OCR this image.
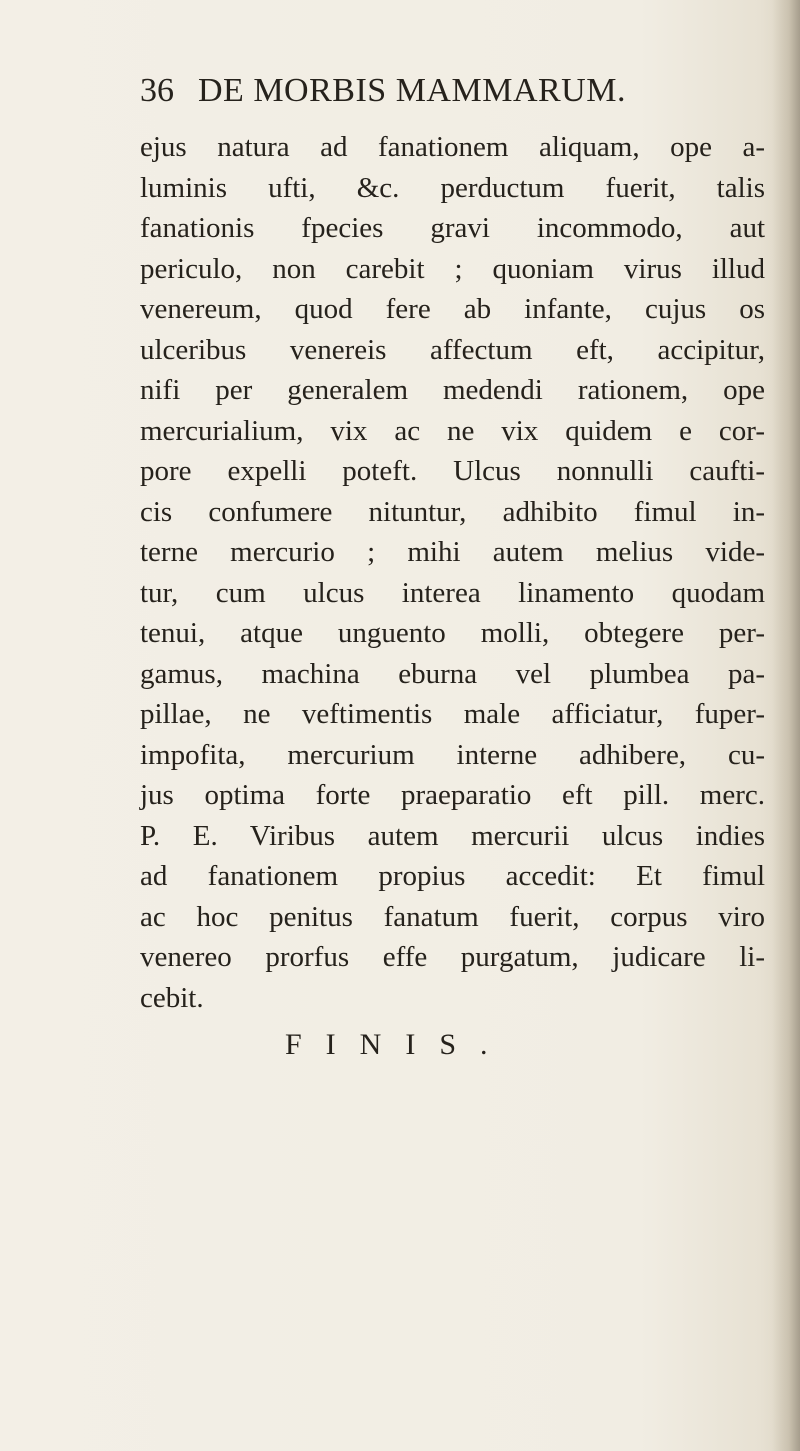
36 DE MORBIS MAMMARUM.
ejus natura ad fanationem aliquam, ope a-
luminis ufti, &c. perductum fuerit, talis
fanationis fpecies gravi incommodo, aut
periculo, non carebit ; quoniam virus illud
venereum, quod fere ab infante, cujus os
ulceribus venereis affectum eft, accipitur,
nifi per generalem medendi rationem, ope
mercurialium, vix ac ne vix quidem e cor-
pore expelli poteft. Ulcus nonnulli caufti-
cis confumere nituntur, adhibito fimul in-
terne mercurio ; mihi autem melius vide-
tur, cum ulcus interea linamento quodam
tenui, atque unguento molli, obtegere per-
gamus, machina eburna vel plumbea pa-
pillae, ne veftimentis male afficiatur, fuper-
impofita, mercurium interne adhibere, cu-
jus optima forte praeparatio eft pill. merc.
P. E. Viribus autem mercurii ulcus indies
ad fanationem propius accedit: Et fimul
ac hoc penitus fanatum fuerit, corpus viro
venereo prorfus effe purgatum, judicare li-
cebit.
FINIS.
